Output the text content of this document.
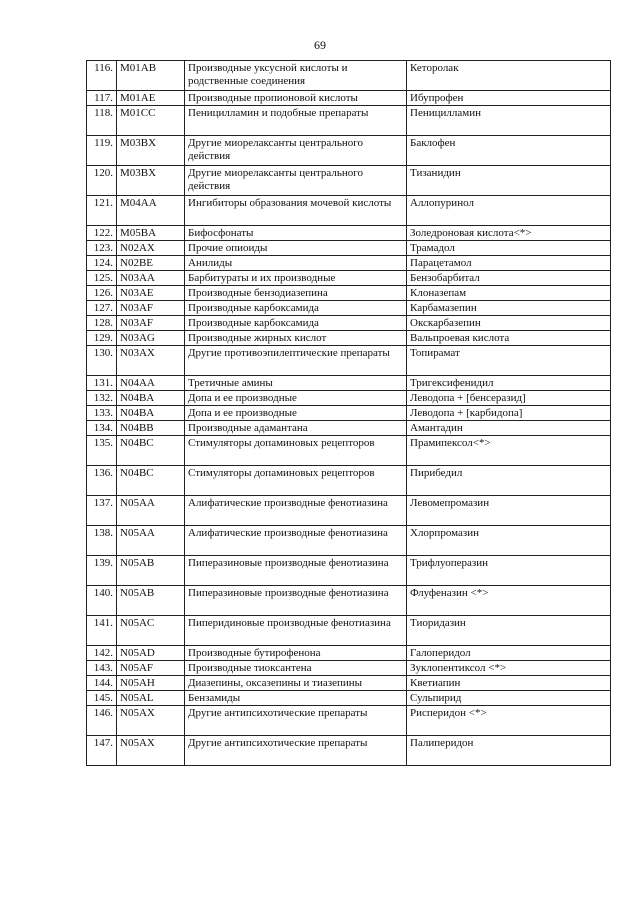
69
116.	M01AB	Производные уксусной кислоты и родственные соединения	Кеторолак
117.	M01AE	Производные пропионовой кислоты	Ибупрофен
118.	M01CC	Пеницилламин и подобные препараты	Пеницилламин
119.	M03BX	Другие миорелаксанты центрального действия	Баклофен
120.	M03BX	Другие миорелаксанты центрального действия	Тизанидин
121.	M04AA	Ингибиторы образования мочевой кислоты	Аллопуринол
122.	M05BA	Бифосфонаты	Золедроновая кислота<*>
123.	N02AX	Прочие опиоиды	Трамадол
124.	N02BE	Анилиды	Парацетамол
125.	N03AA	Барбитураты и их производные	Бензобарбитал
126.	N03AE	Производные бензодиазепина	Клоназепам
127.	N03AF	Производные карбоксамида	Карбамазепин
128.	N03AF	Производные карбоксамида	Окскарбазепин
129.	N03AG	Производные жирных кислот	Вальпроевая кислота
130.	N03AX	Другие противоэпилептические препараты	Топирамат
131.	N04AA	Третичные амины	Тригексифенидил
132.	N04BA	Допа и ее производные	Леводопа + [бенсеразид]
133.	N04BA	Допа и ее производные	Леводопа + [карбидопа]
134.	N04BB	Производные адамантана	Амантадин
135.	N04BC	Стимуляторы допаминовых рецепторов	Прамипексол<*>
136.	N04BC	Стимуляторы допаминовых рецепторов	Пирибедил
137.	N05AA	Алифатические производные фенотиазина	Левомепромазин
138.	N05AA	Алифатические производные фенотиазина	Хлорпромазин
139.	N05AB	Пиперазиновые производные фенотиазина	Трифлуоперазин
140.	N05AB	Пиперазиновые производные фенотиазина	Флуфеназин <*>
141.	N05AC	Пиперидиновые производные фенотиазина	Тиоридазин
142.	N05AD	Производные бутирофенона	Галоперидол
143.	N05AF	Производные тиоксантена	Зуклопентиксол <*>
144.	N05AH	Диазепины, оксазепины и тиазепины	Кветиапин
145.	N05AL	Бензамиды	Сульпирид
146.	N05AX	Другие антипсихотические препараты	Рисперидон <*>
147.	N05AX	Другие антипсихотические препараты	Палиперидон
